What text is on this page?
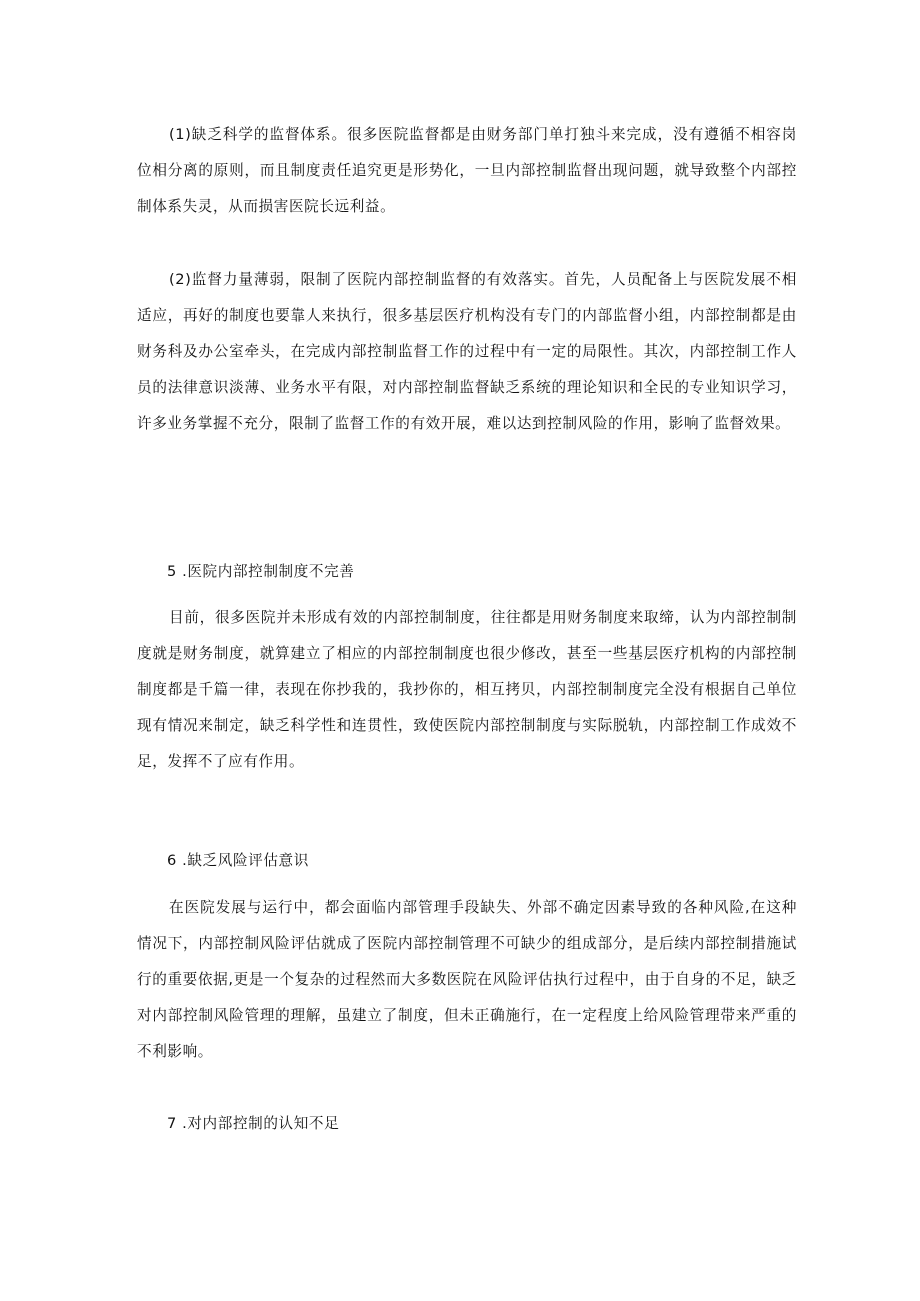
(1)缺乏科学的监督体系。很多医院监督都是由财务部门单打独斗来完成，没有遵循不相容岗位相分离的原则，而且制度责任追究更是形势化，一旦内部控制监督出现问题，就导致整个内部控制体系失灵，从而损害医院长远利益。

(2)监督力量薄弱，限制了医院内部控制监督的有效落实。首先，人员配备上与医院发展不相适应，再好的制度也要靠人来执行，很多基层医疗机构没有专门的内部监督小组，内部控制都是由财务科及办公室牵头，在完成内部控制监督工作的过程中有一定的局限性。其次，内部控制工作人员的法律意识淡薄、业务水平有限，对内部控制监督缺乏系统的理论知识和全民的专业知识学习，许多业务掌握不充分，限制了监督工作的有效开展，难以达到控制风险的作用，影响了监督效果。

5 .医院内部控制制度不完善

目前，很多医院并未形成有效的内部控制制度，往往都是用财务制度来取缔，认为内部控制制度就是财务制度，就算建立了相应的内部控制制度也很少修改，甚至一些基层医疗机构的内部控制制度都是千篇一律，表现在你抄我的，我抄你的，相互拷贝，内部控制制度完全没有根据自己单位现有情况来制定，缺乏科学性和连贯性，致使医院内部控制制度与实际脱轨，内部控制工作成效不足，发挥不了应有作用。

6 .缺乏风险评估意识

在医院发展与运行中，都会面临内部管理手段缺失、外部不确定因素导致的各种风险,在这种情况下，内部控制风险评估就成了医院内部控制管理不可缺少的组成部分，是后续内部控制措施试行的重要依据,更是一个复杂的过程然而大多数医院在风险评估执行过程中，由于自身的不足，缺乏对内部控制风险管理的理解，虽建立了制度，但未正确施行，在一定程度上给风险管理带来严重的不利影响。

7 .对内部控制的认知不足
